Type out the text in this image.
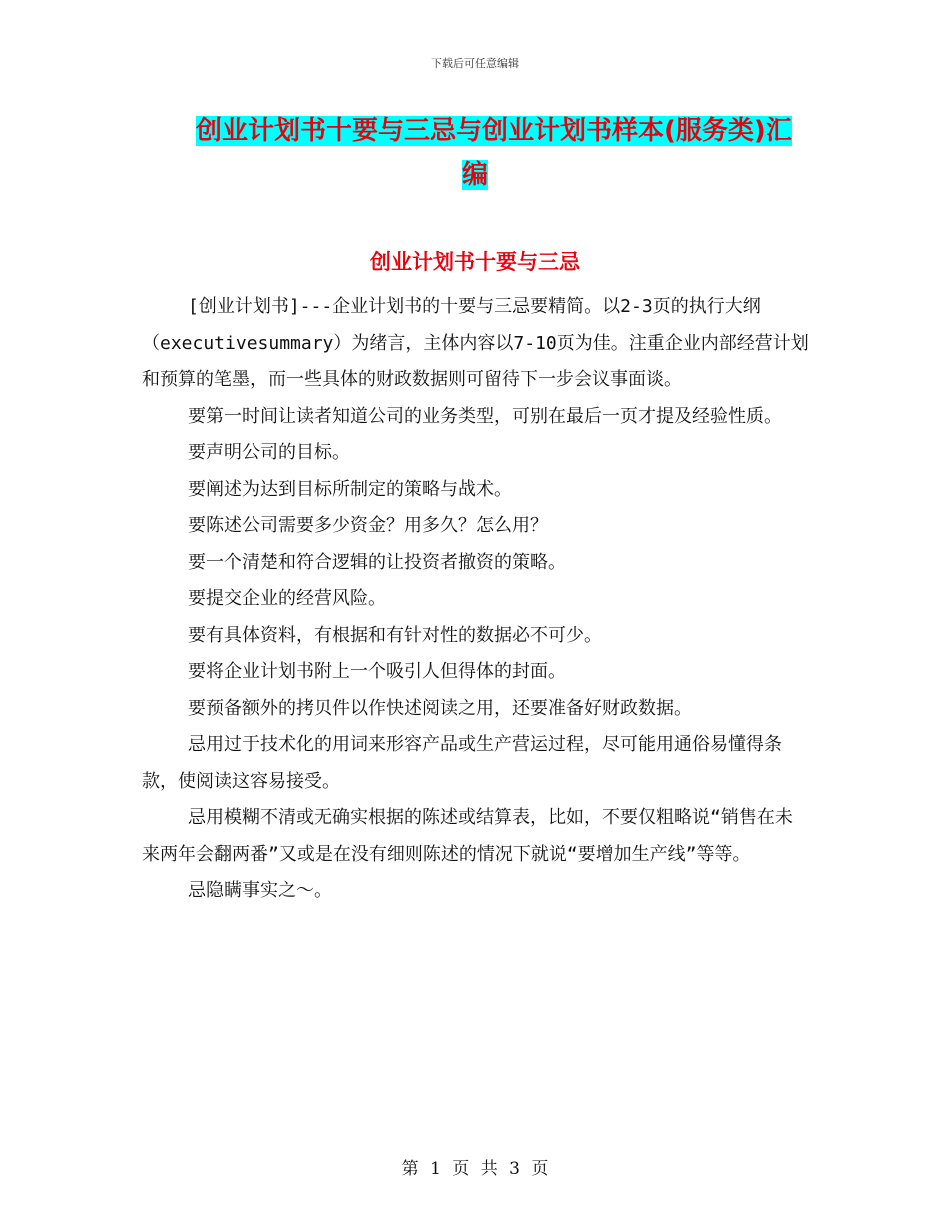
下载后可任意编辑
创业计划书十要与三忌与创业计划书样本(服务类)汇
编
创业计划书十要与三忌

[创业计划书]---企业计划书的十要与三忌要精简。以2-3页的执行大纲（executivesummary）为绪言，主体内容以7-10页为佳。注重企业内部经营计划和预算的笔墨，而一些具体的财政数据则可留待下一步会议事面谈。

要第一时间让读者知道公司的业务类型，可别在最后一页才提及经验性质。

要声明公司的目标。

要阐述为达到目标所制定的策略与战术。

要陈述公司需要多少资金？用多久？怎么用？

要一个清楚和符合逻辑的让投资者撤资的策略。

要提交企业的经营风险。

要有具体资料，有根据和有针对性的数据必不可少。

要将企业计划书附上一个吸引人但得体的封面。

要预备额外的拷贝件以作快述阅读之用，还要准备好财政数据。

忌用过于技术化的用词来形容产品或生产营运过程，尽可能用通俗易懂得条款，使阅读这容易接受。

忌用模糊不清或无确实根据的陈述或结算表，比如，不要仅粗略说“销售在未来两年会翻两番”又或是在没有细则陈述的情况下就说“要增加生产线”等等。

忌隐瞒事实之～。

第 1 页 共 3 页
